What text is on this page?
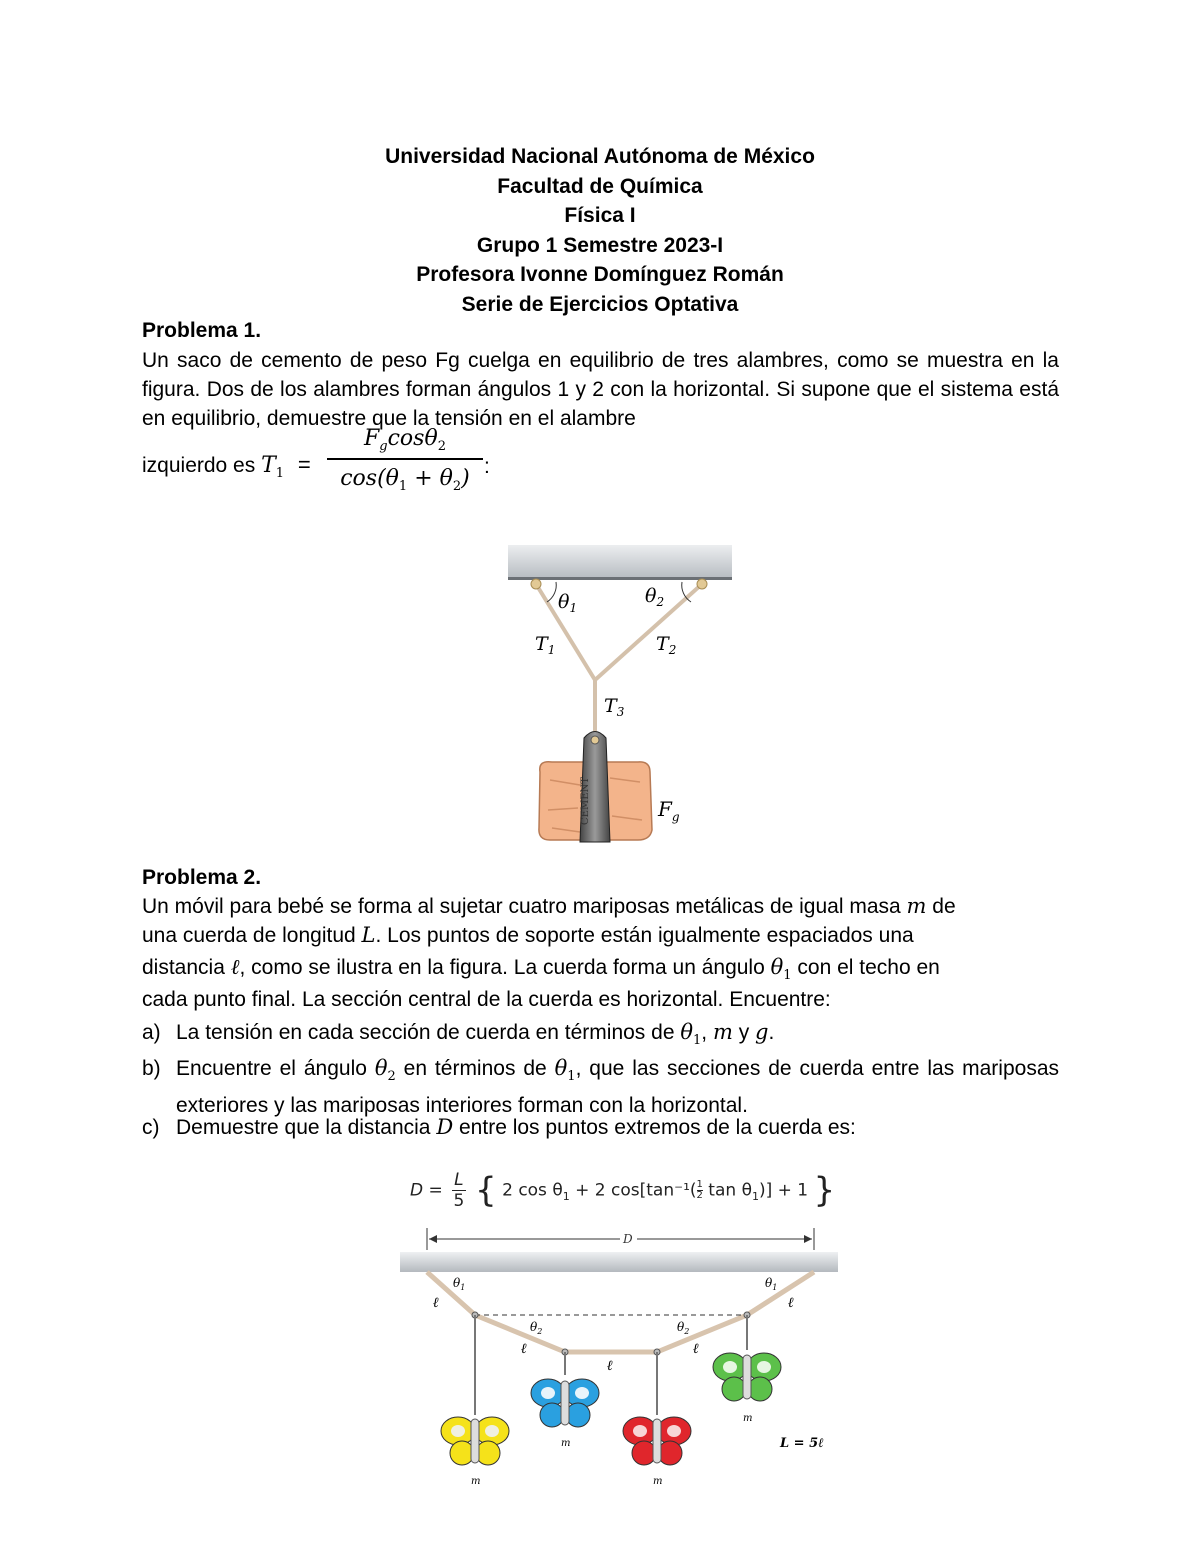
Universidad Nacional Autónoma de México
Facultad de Química
Física I
Grupo 1 Semestre 2023-I
Profesora Ivonne Domínguez Román
Serie de Ejercicios Optativa
Problema 1.
Un saco de cemento de peso Fg cuelga en equilibrio de tres alambres, como se muestra en la figura. Dos de los alambres forman ángulos 1 y 2 con la horizontal. Si supone que el sistema está en equilibrio, demuestre que la tensión en el alambre
izquierdo es $T_1$ =
$F_g\cos\theta_2$
$\cos(\theta_1 + \theta_2)$ :
$\theta_1$
$\theta_2$
$T_1$	$T_2$
$T_3$
CEMENT	$F_g$
Problema 2.
Un móvil para bebé se forma al sujetar cuatro mariposas metálicas de igual masa m de
una cuerda de longitud L. Los puntos de soporte están igualmente espaciados una
distancia ℓ, como se ilustra en la figura. La cuerda forma un ángulo $\theta_1$ con el techo en
cada punto final. La sección central de la cuerda es horizontal. Encuentre:
a) La tensión en cada sección de cuerda en términos de $\theta_1$, m y g.
b) Encuentre el ángulo $\theta_2$ en términos de $\theta_1$, que las secciones de cuerda entre las mariposas exteriores y las mariposas interiores forman con la horizontal.
c) Demuestre que la distancia D entre los puntos extremos de la cuerda es:
$D = \frac{L}{5}$ { 2 $\cos \theta_1 + 2$ $\cos[\tan^{-1}( \frac{1}{2}$ $\tan \theta_1)] + 1$ }
D
$\theta_1$	$\theta_1$
$\theta_2$	$\theta_2$
ℓ
ℓ
ℓ
ℓ
ℓ
m
m
m
m
L = 5ℓ
